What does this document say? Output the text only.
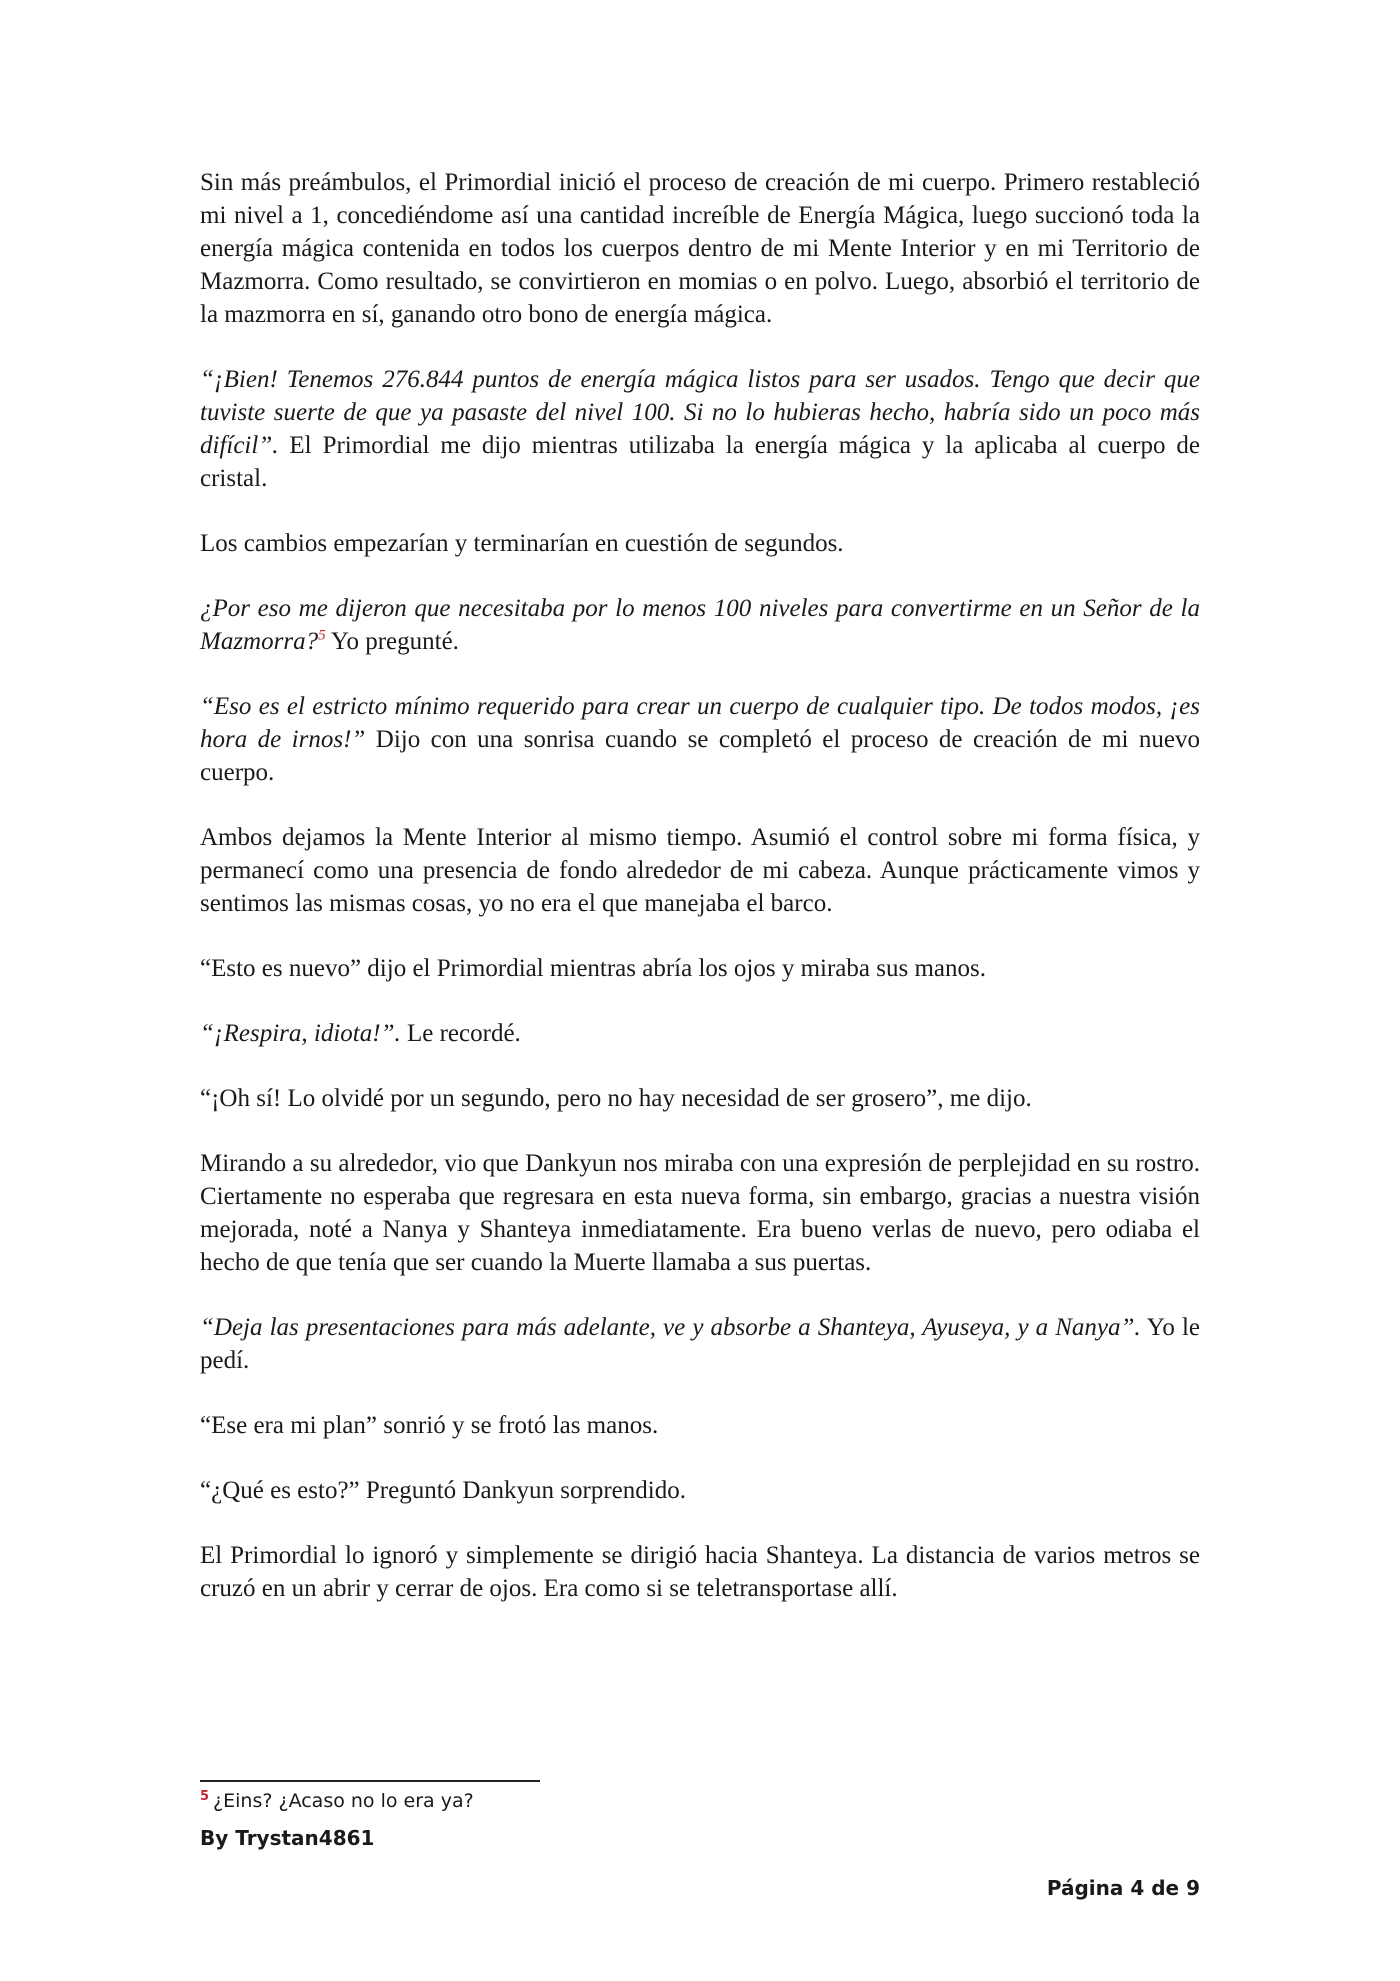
Sin más preámbulos, el Primordial inició el proceso de creación de mi cuerpo. Primero restableció mi nivel a 1, concediéndome así una cantidad increíble de Energía Mágica, luego succionó toda la energía mágica contenida en todos los cuerpos dentro de mi Mente Interior y en mi Territorio de Mazmorra. Como resultado, se convirtieron en momias o en polvo. Luego, absorbió el territorio de la mazmorra en sí, ganando otro bono de energía mágica.

“¡Bien! Tenemos 276.844 puntos de energía mágica listos para ser usados. Tengo que decir que tuviste suerte de que ya pasaste del nivel 100. Si no lo hubieras hecho, habría sido un poco más difícil”. El Primordial me dijo mientras utilizaba la energía mágica y la aplicaba al cuerpo de cristal.

Los cambios empezarían y terminarían en cuestión de segundos.

¿Por eso me dijeron que necesitaba por lo menos 100 niveles para convertirme en un Señor de la Mazmorra?$^5$ Yo pregunté.

“Eso es el estricto mínimo requerido para crear un cuerpo de cualquier tipo. De todos modos, ¡es hora de irnos!” Dijo con una sonrisa cuando se completó el proceso de creación de mi nuevo cuerpo.

Ambos dejamos la Mente Interior al mismo tiempo. Asumió el control sobre mi forma física, y permanecí como una presencia de fondo alrededor de mi cabeza. Aunque prácticamente vimos y sentimos las mismas cosas, yo no era el que manejaba el barco.

“Esto es nuevo” dijo el Primordial mientras abría los ojos y miraba sus manos.

“¡Respira, idiota!”. Le recordé.

“¡Oh sí! Lo olvidé por un segundo, pero no hay necesidad de ser grosero”, me dijo.

Mirando a su alrededor, vio que Dankyun nos miraba con una expresión de perplejidad en su rostro. Ciertamente no esperaba que regresara en esta nueva forma, sin embargo, gracias a nuestra visión mejorada, noté a Nanya y Shanteya inmediatamente. Era bueno verlas de nuevo, pero odiaba el hecho de que tenía que ser cuando la Muerte llamaba a sus puertas.

“Deja las presentaciones para más adelante, ve y absorbe a Shanteya, Ayuseya, y a Nanya”. Yo le pedí.

“Ese era mi plan” sonrió y se frotó las manos.

“¿Qué es esto?” Preguntó Dankyun sorprendido.

El Primordial lo ignoró y simplemente se dirigió hacia Shanteya. La distancia de varios metros se cruzó en un abrir y cerrar de ojos. Era como si se teletransportase allí.

$^5$ ¿Eins? ¿Acaso no lo era ya?
By Trystan4861
Página 4 de 9
